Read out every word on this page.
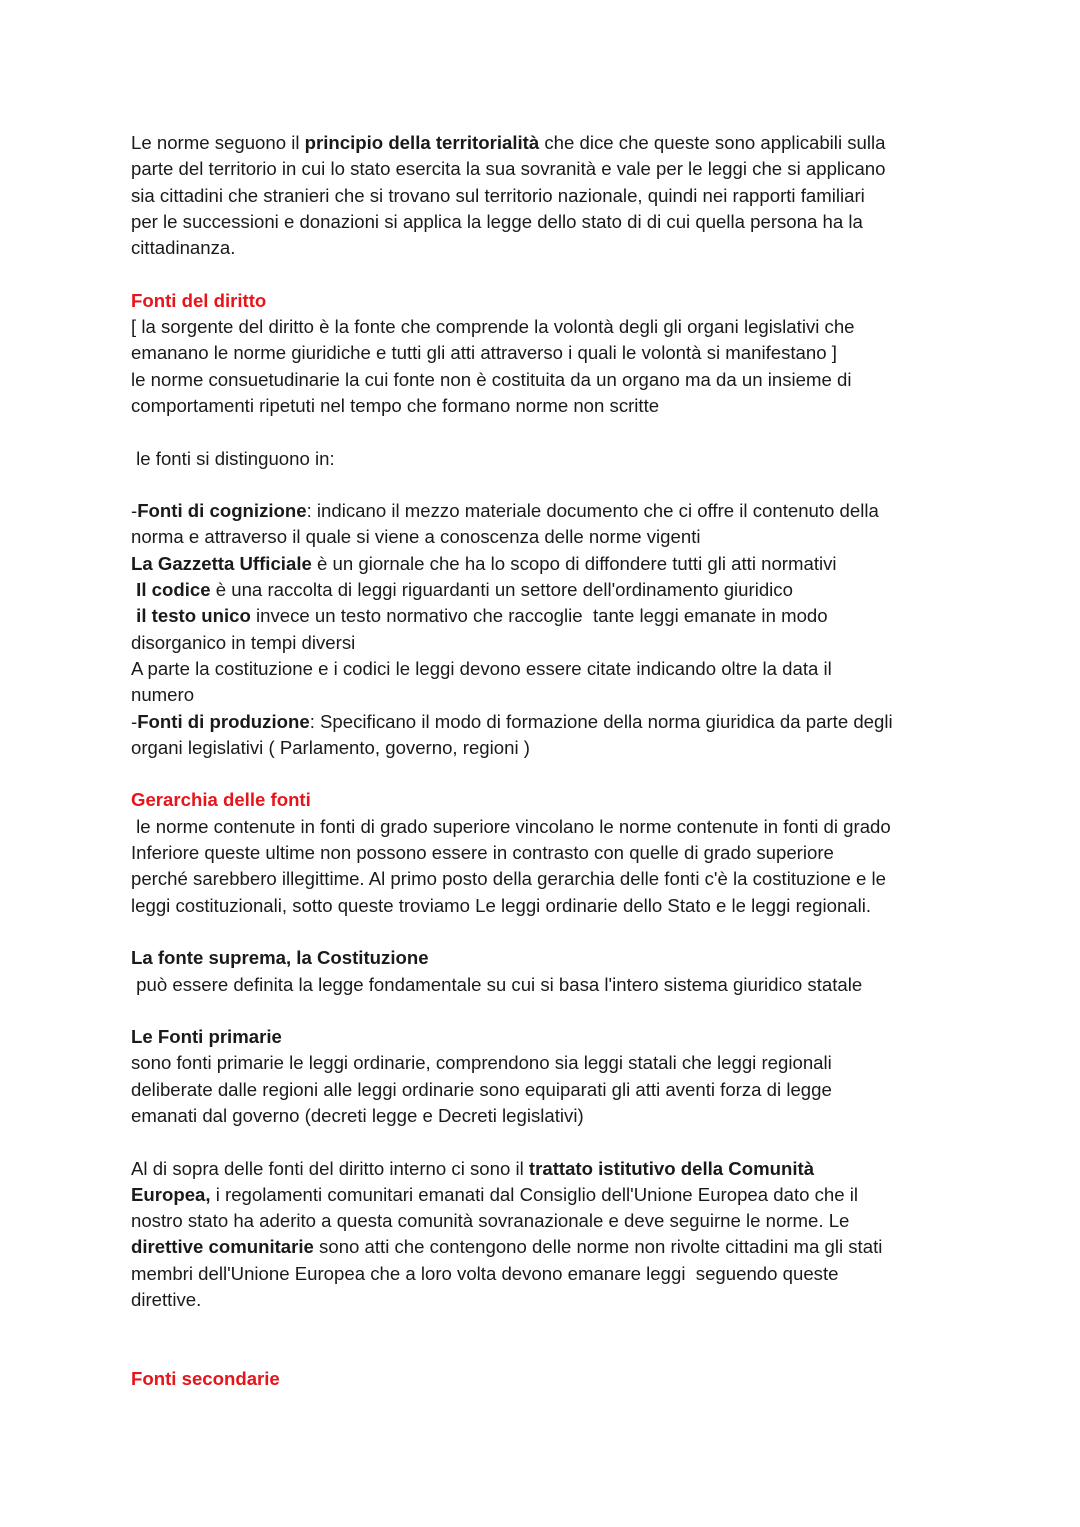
Le norme seguono il principio della territorialità che dice che queste sono applicabili sulla
parte del territorio in cui lo stato esercita la sua sovranità e vale per le leggi che si applicano
sia cittadini che stranieri che si trovano sul territorio nazionale, quindi nei rapporti familiari
per le successioni e donazioni si applica la legge dello stato di di cui quella persona ha la
cittadinanza.
Fonti del diritto
[ la sorgente del diritto è la fonte che comprende la volontà degli gli organi legislativi che
emanano le norme giuridiche e tutti gli atti attraverso i quali le volontà si manifestano ]
le norme consuetudinarie la cui fonte non è costituita da un organo ma da un insieme di
comportamenti ripetuti nel tempo che formano norme non scritte
le fonti si distinguono in:
-Fonti di cognizione: indicano il mezzo materiale documento che ci offre il contenuto della
norma e attraverso il quale si viene a conoscenza delle norme vigenti
La Gazzetta Ufficiale è un giornale che ha lo scopo di diffondere tutti gli atti normativi
Il codice è una raccolta di leggi riguardanti un settore dell'ordinamento giuridico
il testo unico invece un testo normativo che raccoglie  tante leggi emanate in modo
disorganico in tempi diversi
A parte la costituzione e i codici le leggi devono essere citate indicando oltre la data il
numero
-Fonti di produzione: Specificano il modo di formazione della norma giuridica da parte degli
organi legislativi ( Parlamento, governo, regioni )
Gerarchia delle fonti
le norme contenute in fonti di grado superiore vincolano le norme contenute in fonti di grado
Inferiore queste ultime non possono essere in contrasto con quelle di grado superiore
perché sarebbero illegittime. Al primo posto della gerarchia delle fonti c'è la costituzione e le
leggi costituzionali, sotto queste troviamo Le leggi ordinarie dello Stato e le leggi regionali.
La fonte suprema, la Costituzione
può essere definita la legge fondamentale su cui si basa l'intero sistema giuridico statale
Le Fonti primarie
sono fonti primarie le leggi ordinarie, comprendono sia leggi statali che leggi regionali
deliberate dalle regioni alle leggi ordinarie sono equiparati gli atti aventi forza di legge
emanati dal governo (decreti legge e Decreti legislativi)
Al di sopra delle fonti del diritto interno ci sono il trattato istitutivo della Comunità
Europea, i regolamenti comunitari emanati dal Consiglio dell'Unione Europea dato che il
nostro stato ha aderito a questa comunità sovranazionale e deve seguirne le norme. Le
direttive comunitarie sono atti che contengono delle norme non rivolte cittadini ma gli stati
membri dell'Unione Europea che a loro volta devono emanare leggi  seguendo queste
direttive.
Fonti secondarie
